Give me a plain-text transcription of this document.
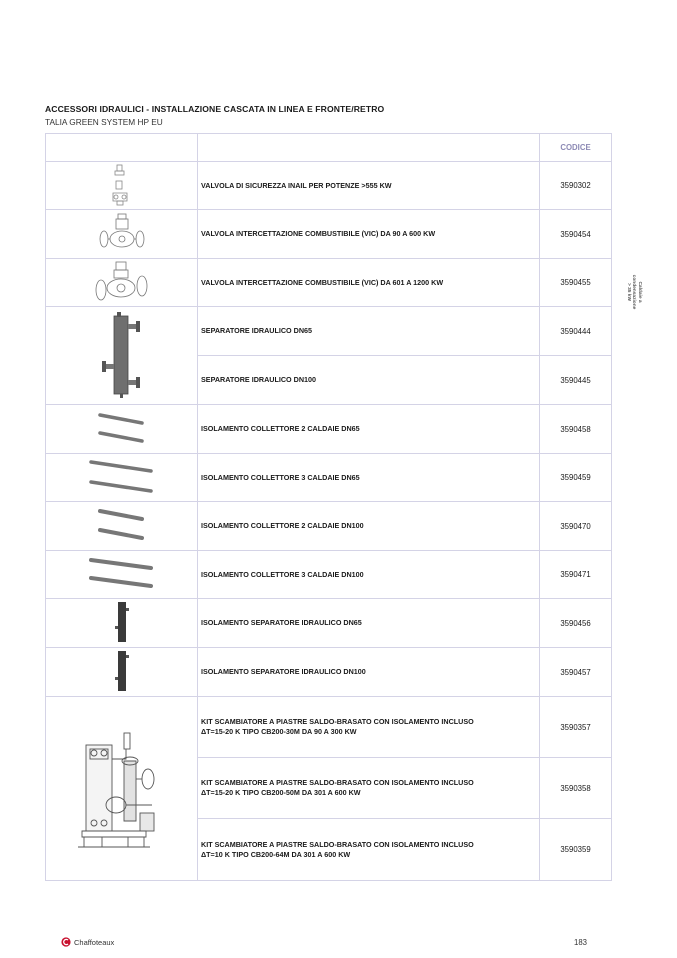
ACCESSORI IDRAULICI - INSTALLAZIONE CASCATA IN LINEA E FRONTE/RETRO
TALIA GREEN SYSTEM HP EU
		CODICE
	VALVOLA DI SICUREZZA INAIL PER POTENZE >555 KW	3590302
	VALVOLA INTERCETTAZIONE COMBUSTIBILE (VIC) DA 90 A 600 KW	3590454
	VALVOLA INTERCETTAZIONE COMBUSTIBILE (VIC) DA 601 A 1200 KW	3590455
	SEPARATORE IDRAULICO DN65	3590444
	SEPARATORE IDRAULICO DN100	3590445
	ISOLAMENTO COLLETTORE 2 CALDAIE DN65	3590458
	ISOLAMENTO COLLETTORE 3 CALDAIE DN65	3590459
	ISOLAMENTO COLLETTORE 2 CALDAIE DN100	3590470
	ISOLAMENTO COLLETTORE 3 CALDAIE DN100	3590471
	ISOLAMENTO SEPARATORE IDRAULICO DN65	3590456
	ISOLAMENTO SEPARATORE IDRAULICO DN100	3590457

KIT SCAMBIATORE A PIASTRE SALDO-BRASATO CON ISOLAMENTO INCLUSO
ΔT=15-20 K TIPO CB200-30M DA 90 A 300 KW	3590357

	KIT SCAMBIATORE A PIASTRE SALDO-BRASATO CON ISOLAMENTO INCLUSO
ΔT=15-20 K TIPO CB200-50M DA 301 A 600 KW	3590358

	KIT SCAMBIATORE A PIASTRE SALDO-BRASATO CON ISOLAMENTO INCLUSO
ΔT=10 K TIPO CB200-64M DA 301 A 600 KW	3590359
Caldaie a
condensazione
> 35 kW
Chaffoteaux	183
